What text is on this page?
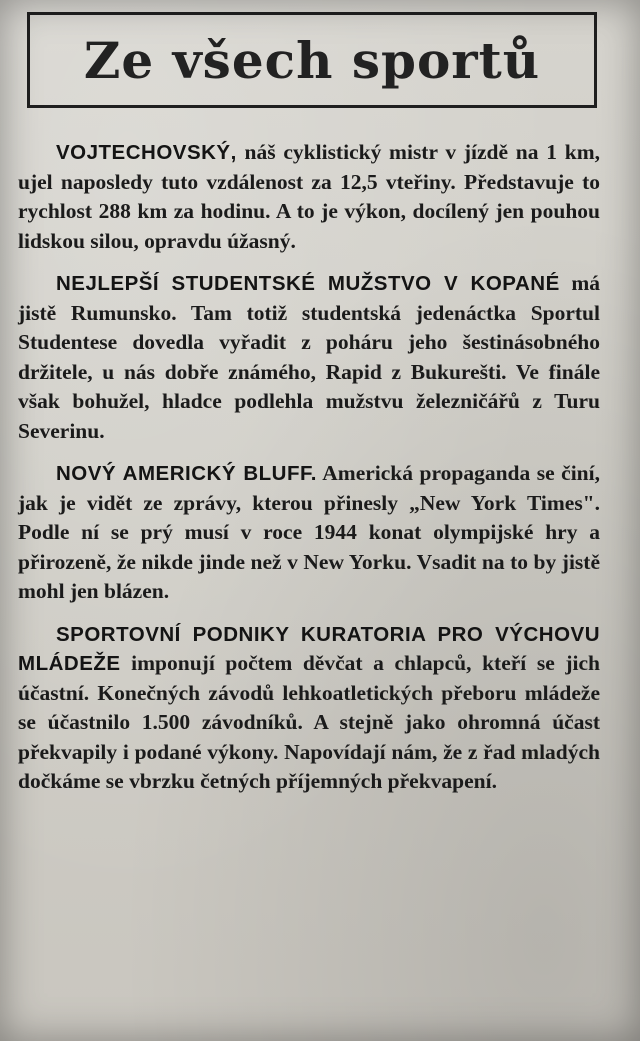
Ze všech sportů

VOJTECHOVSKÝ, náš cyklistický mistr v jízdě na 1 km, ujel naposledy tuto vzdálenost za 12,5 vteřiny. Představuje to rychlost 288 km za hodinu. A to je výkon, docílený jen pouhou lidskou silou, opravdu úžasný.

NEJLEPŠÍ STUDENTSKÉ MUŽSTVO V KOPANÉ má jistě Rumunsko. Tam totiž studentská jedenáctka Sportul Studentese dovedla vyřadit z poháru jeho šestinásobného držitele, u nás dobře známého, Rapid z Bukurešti. Ve finále však bohužel, hladce podlehla mužstvu železničářů z Turu Severinu.

NOVÝ AMERICKÝ BLUFF. Americká propaganda se činí, jak je vidět ze zprávy, kterou přinesly „New York Times". Podle ní se prý musí v roce 1944 konat olympijské hry a přirozeně, že nikde jinde než v New Yorku. Vsadit na to by jistě mohl jen blázen.

SPORTOVNÍ PODNIKY KURATORIA PRO VÝCHOVU MLÁDEŽE imponují počtem děvčat a chlapců, kteří se jich účastní. Konečných závodů lehkoatletických přeboru mládeže se účastnilo 1.500 závodníků. A stejně jako ohromná účast překvapily i podané výkony. Napovídají nám, že z řad mladých dočkáme se vbrzku četných příjemných překvapení.
